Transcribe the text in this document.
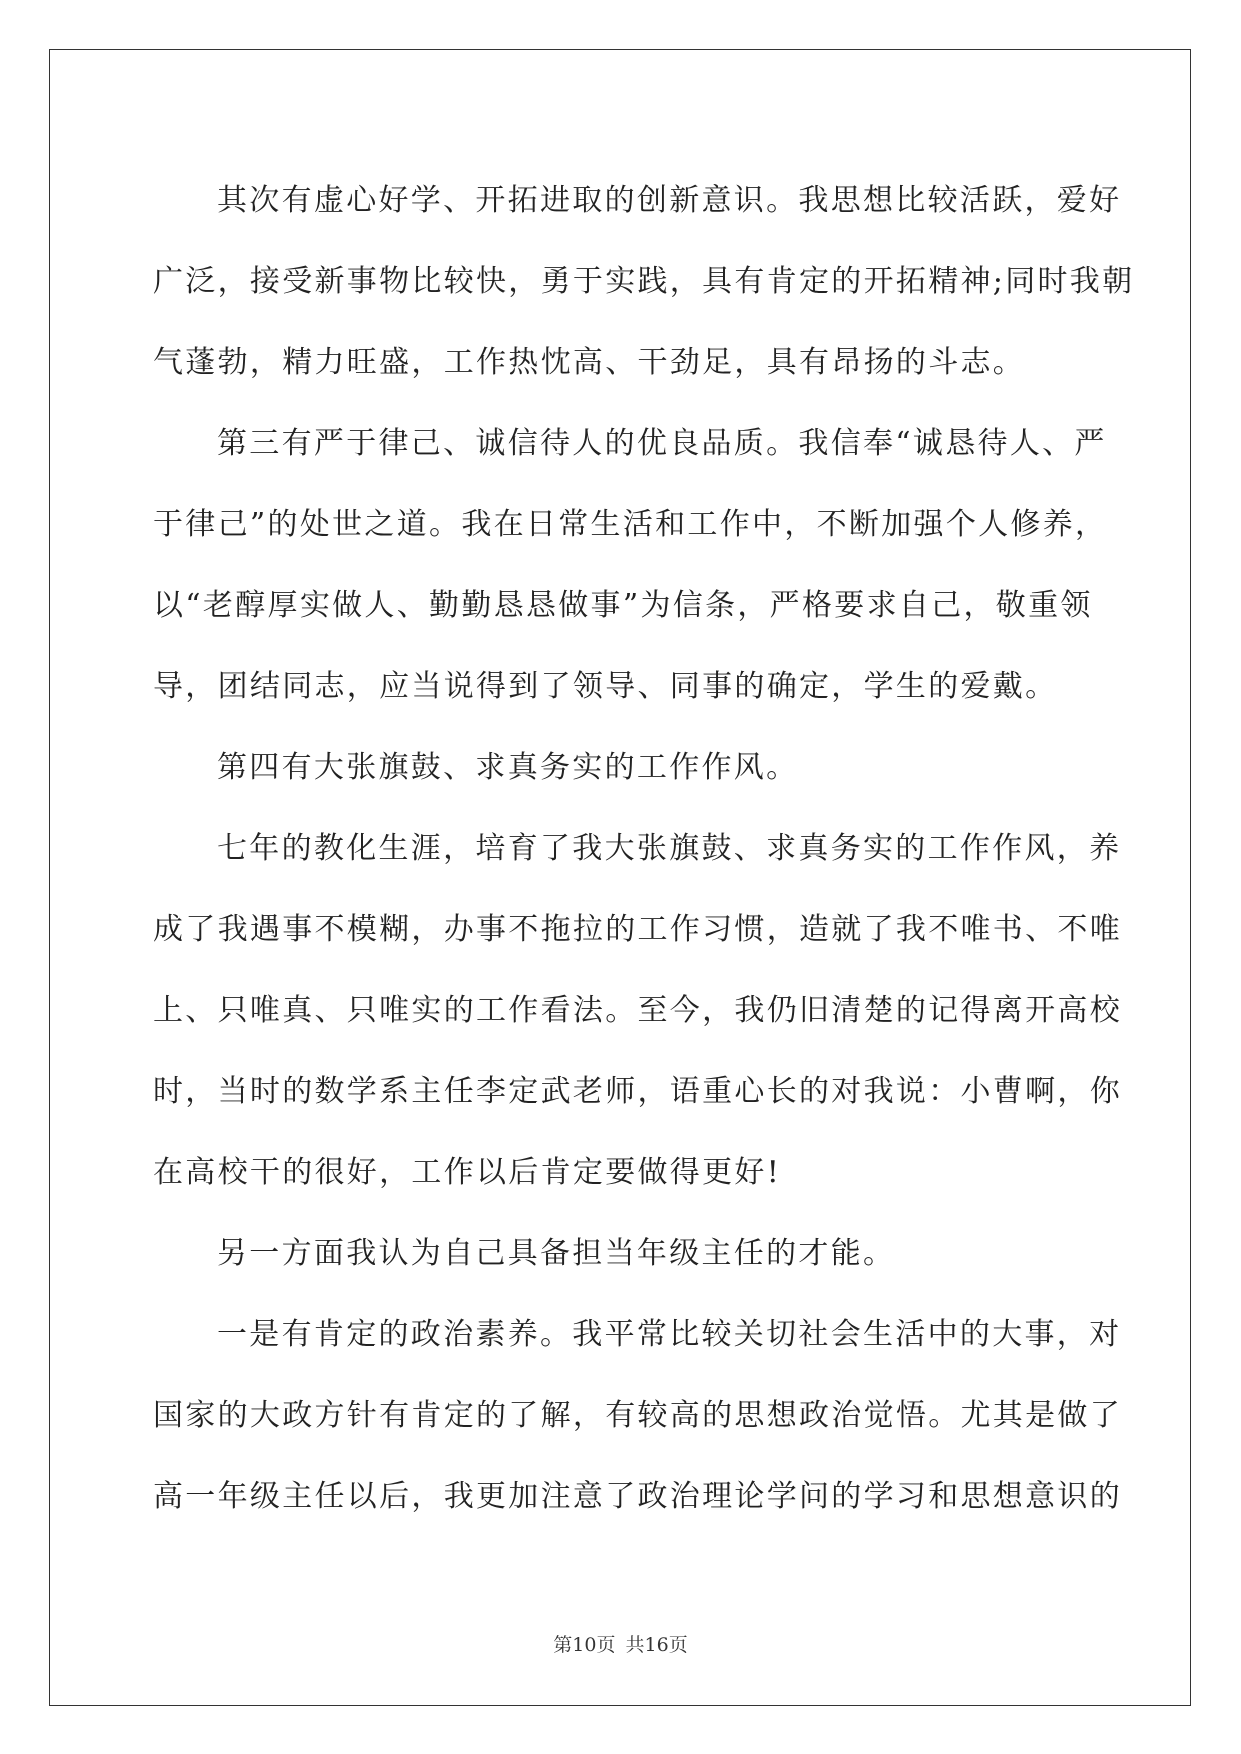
其次有虚心好学、开拓进取的创新意识。我思想比较活跃，爱好
广泛，接受新事物比较快，勇于实践，具有肯定的开拓精神;同时我朝
气蓬勃，精力旺盛，工作热忱高、干劲足，具有昂扬的斗志。

第三有严于律己、诚信待人的优良品质。我信奉“诚恳待人、严
于律己”的处世之道。我在日常生活和工作中，不断加强个人修养，
以“老醇厚实做人、勤勤恳恳做事”为信条，严格要求自己，敬重领
导，团结同志，应当说得到了领导、同事的确定，学生的爱戴。

第四有大张旗鼓、求真务实的工作作风。

七年的教化生涯，培育了我大张旗鼓、求真务实的工作作风，养
成了我遇事不模糊，办事不拖拉的工作习惯，造就了我不唯书、不唯
上、只唯真、只唯实的工作看法。至今，我仍旧清楚的记得离开高校
时，当时的数学系主任李定武老师，语重心长的对我说：小曹啊，你
在高校干的很好，工作以后肯定要做得更好!

另一方面我认为自己具备担当年级主任的才能。

一是有肯定的政治素养。我平常比较关切社会生活中的大事，对
国家的大政方针有肯定的了解，有较高的思想政治觉悟。尤其是做了
高一年级主任以后，我更加注意了政治理论学问的学习和思想意识的

第10页 共16页
